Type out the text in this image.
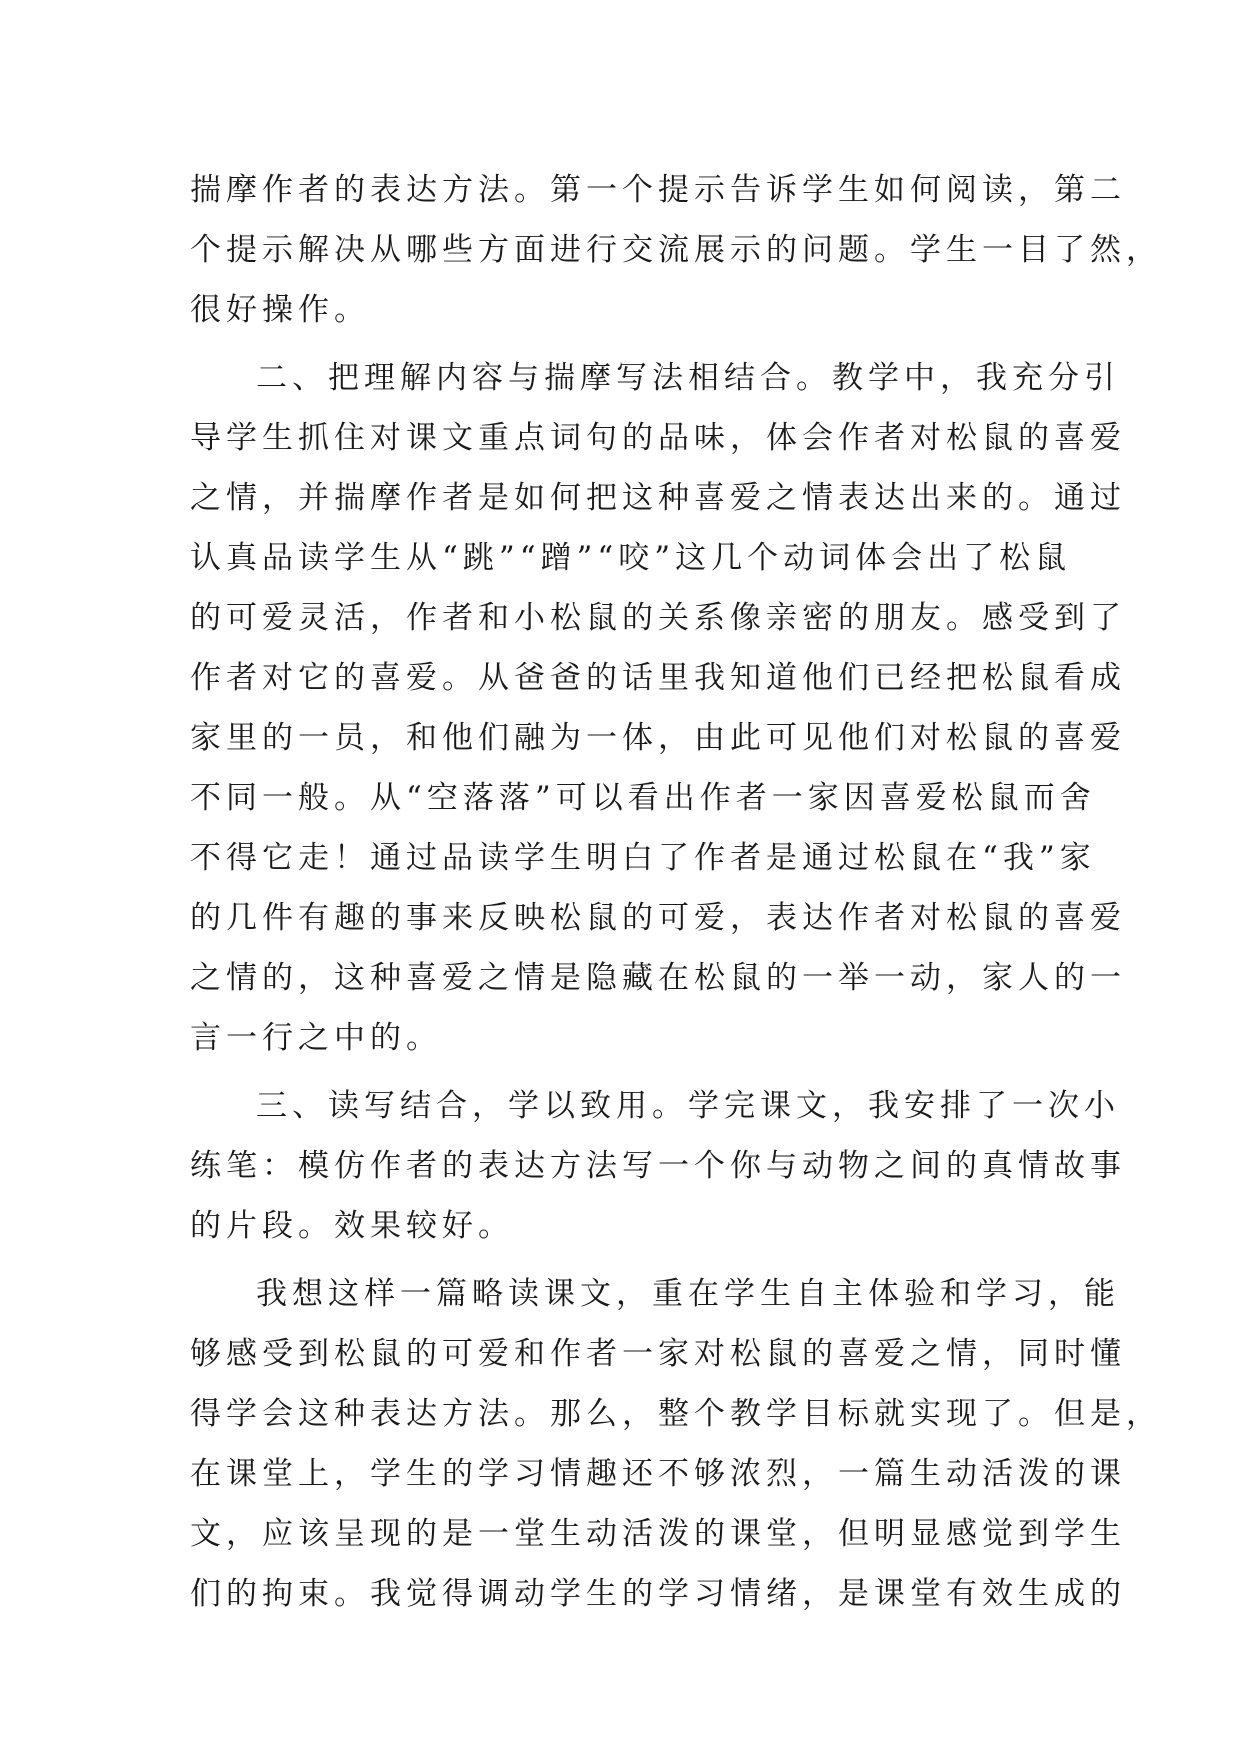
揣摩作者的表达方法。第一个提示告诉学生如何阅读，第二
个提示解决从哪些方面进行交流展示的问题。学生一目了然，
很好操作。
二、把理解内容与揣摩写法相结合。教学中，我充分引
导学生抓住对课文重点词句的品味，体会作者对松鼠的喜爱
之情，并揣摩作者是如何把这种喜爱之情表达出来的。通过
认真品读学生从“跳”“蹭”“咬”这几个动词体会出了松鼠
的可爱灵活，作者和小松鼠的关系像亲密的朋友。感受到了
作者对它的喜爱。从爸爸的话里我知道他们已经把松鼠看成
家里的一员，和他们融为一体，由此可见他们对松鼠的喜爱
不同一般。从“空落落”可以看出作者一家因喜爱松鼠而舍
不得它走！通过品读学生明白了作者是通过松鼠在“我”家
的几件有趣的事来反映松鼠的可爱，表达作者对松鼠的喜爱
之情的，这种喜爱之情是隐藏在松鼠的一举一动，家人的一
言一行之中的。
三、读写结合，学以致用。学完课文，我安排了一次小
练笔：模仿作者的表达方法写一个你与动物之间的真情故事
的片段。效果较好。
我想这样一篇略读课文，重在学生自主体验和学习，能
够感受到松鼠的可爱和作者一家对松鼠的喜爱之情，同时懂
得学会这种表达方法。那么，整个教学目标就实现了。但是，
在课堂上，学生的学习情趣还不够浓烈，一篇生动活泼的课
文，应该呈现的是一堂生动活泼的课堂，但明显感觉到学生
们的拘束。我觉得调动学生的学习情绪，是课堂有效生成的
